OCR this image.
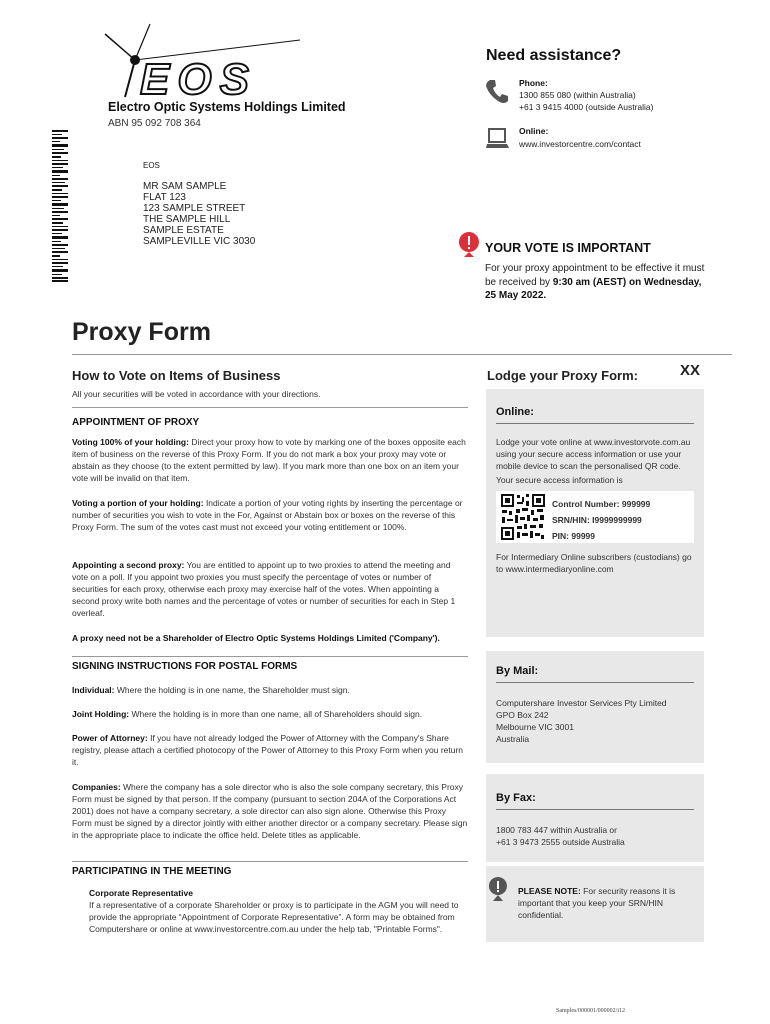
EOS
Electro Optic Systems Holdings Limited
ABN 95 092 708 364
EOS
MR SAM SAMPLE
FLAT 123
123 SAMPLE STREET
THE SAMPLE HILL
SAMPLE ESTATE
SAMPLEVILLE VIC 3030
Need assistance?
Phone:
1300 855 080 (within Australia)
+61 3 9415 4000 (outside Australia)
Online:
www.investorcentre.com/contact
YOUR VOTE IS IMPORTANT
For your proxy appointment to be effective it must be received by 9:30 am (AEST) on Wednesday, 25 May 2022.
Proxy Form
How to Vote on Items of Business	Lodge your Proxy Form:	XX
All your securities will be voted in accordance with your directions.
APPOINTMENT OF PROXY
Voting 100% of your holding: Direct your proxy how to vote by marking one of the boxes opposite each item of business on the reverse of this Proxy Form. If you do not mark a box your proxy may vote or abstain as they choose (to the extent permitted by law). If you mark more than one box on an item your vote will be invalid on that item.
Voting a portion of your holding: Indicate a portion of your voting rights by inserting the percentage or number of securities you wish to vote in the For, Against or Abstain box or boxes on the reverse of this Proxy Form. The sum of the votes cast must not exceed your voting entitlement or 100%.
Appointing a second proxy: You are entitled to appoint up to two proxies to attend the meeting and vote on a poll. If you appoint two proxies you must specify the percentage of votes or number of securities for each proxy, otherwise each proxy may exercise half of the votes. When appointing a second proxy write both names and the percentage of votes or number of securities for each in Step 1 overleaf.
A proxy need not be a Shareholder of Electro Optic Systems Holdings Limited ('Company').
SIGNING INSTRUCTIONS FOR POSTAL FORMS
Individual: Where the holding is in one name, the Shareholder must sign.
Joint Holding: Where the holding is in more than one name, all of Shareholders should sign.
Power of Attorney: If you have not already lodged the Power of Attorney with the Company's Share registry, please attach a certified photocopy of the Power of Attorney to this Proxy Form when you return it.
Companies: Where the company has a sole director who is also the sole company secretary, this Proxy Form must be signed by that person. If the company (pursuant to section 204A of the Corporations Act 2001) does not have a company secretary, a sole director can also sign alone. Otherwise this Proxy Form must be signed by a director jointly with either another director or a company secretary. Please sign in the appropriate place to indicate the office held. Delete titles as applicable.
PARTICIPATING IN THE MEETING
Corporate Representative
If a representative of a corporate Shareholder or proxy is to participate in the AGM you will need to provide the appropriate “Appointment of Corporate Representative”. A form may be obtained from Computershare or online at www.investorcentre.com.au under the help tab, "Printable Forms".
Online:
Lodge your vote online at www.investorvote.com.au using your secure access information or use your mobile device to scan the personalised QR code.
Your secure access information is
Control Number: 999999
SRN/HIN: I9999999999
PIN: 99999
For Intermediary Online subscribers (custodians) go to www.intermediaryonline.com
By Mail:
Computershare Investor Services Pty Limited
GPO Box 242
Melbourne VIC 3001
Australia
By Fax:
1800 783 447 within Australia or
+61 3 9473 2555 outside Australia
PLEASE NOTE: For security reasons it is important that you keep your SRN/HIN confidential.
Samples/000001/000002/i12
